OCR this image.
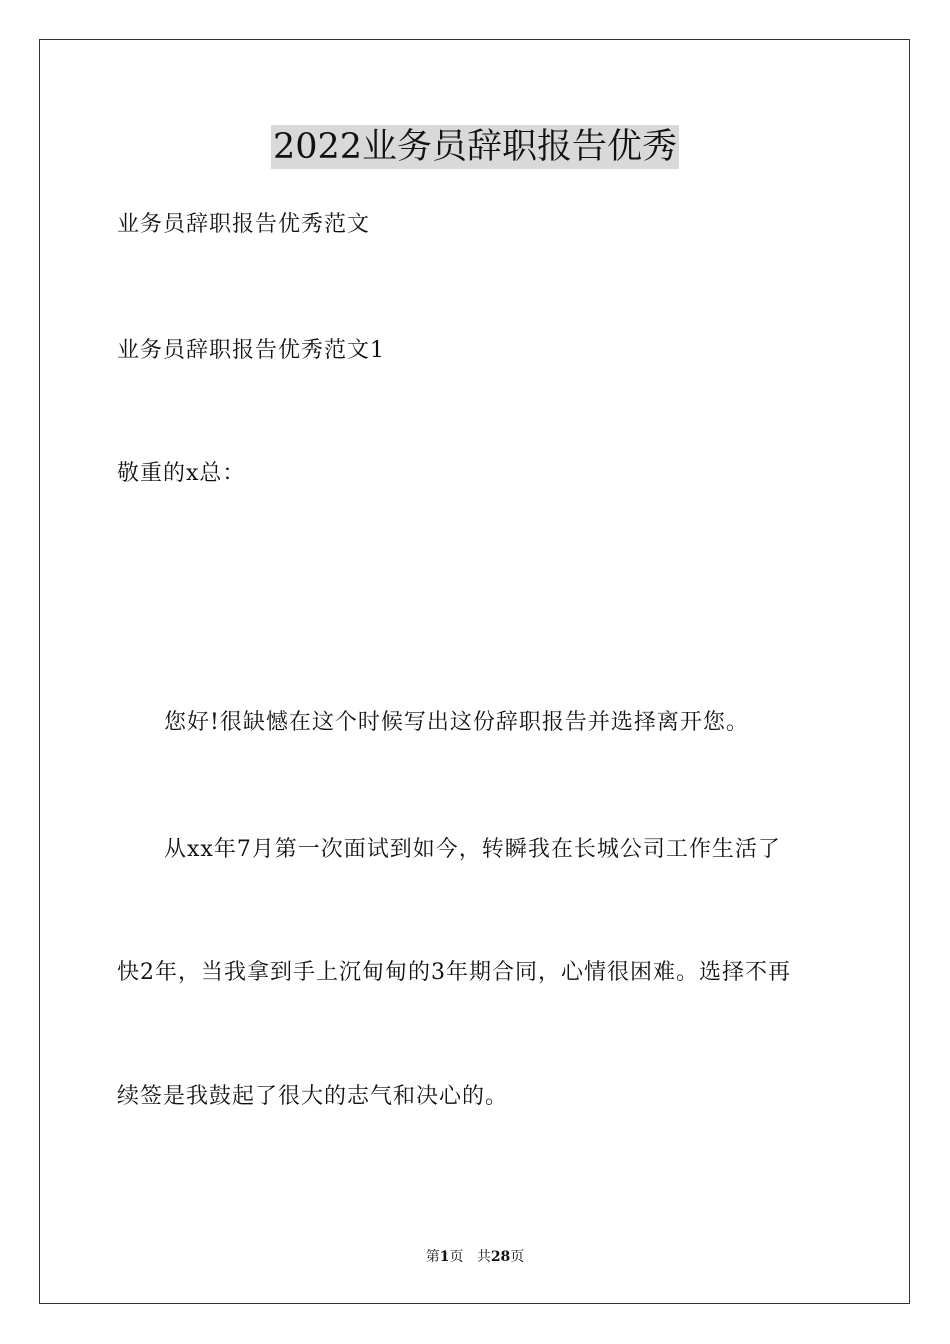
2022业务员辞职报告优秀
业务员辞职报告优秀范文
业务员辞职报告优秀范文1
敬重的x总：
您好!很缺憾在这个时候写出这份辞职报告并选择离开您。
从xx年7月第一次面试到如今，转瞬我在长城公司工作生活了
快2年，当我拿到手上沉甸甸的3年期合同，心情很困难。选择不再
续签是我鼓起了很大的志气和决心的。
第1页 共28页
